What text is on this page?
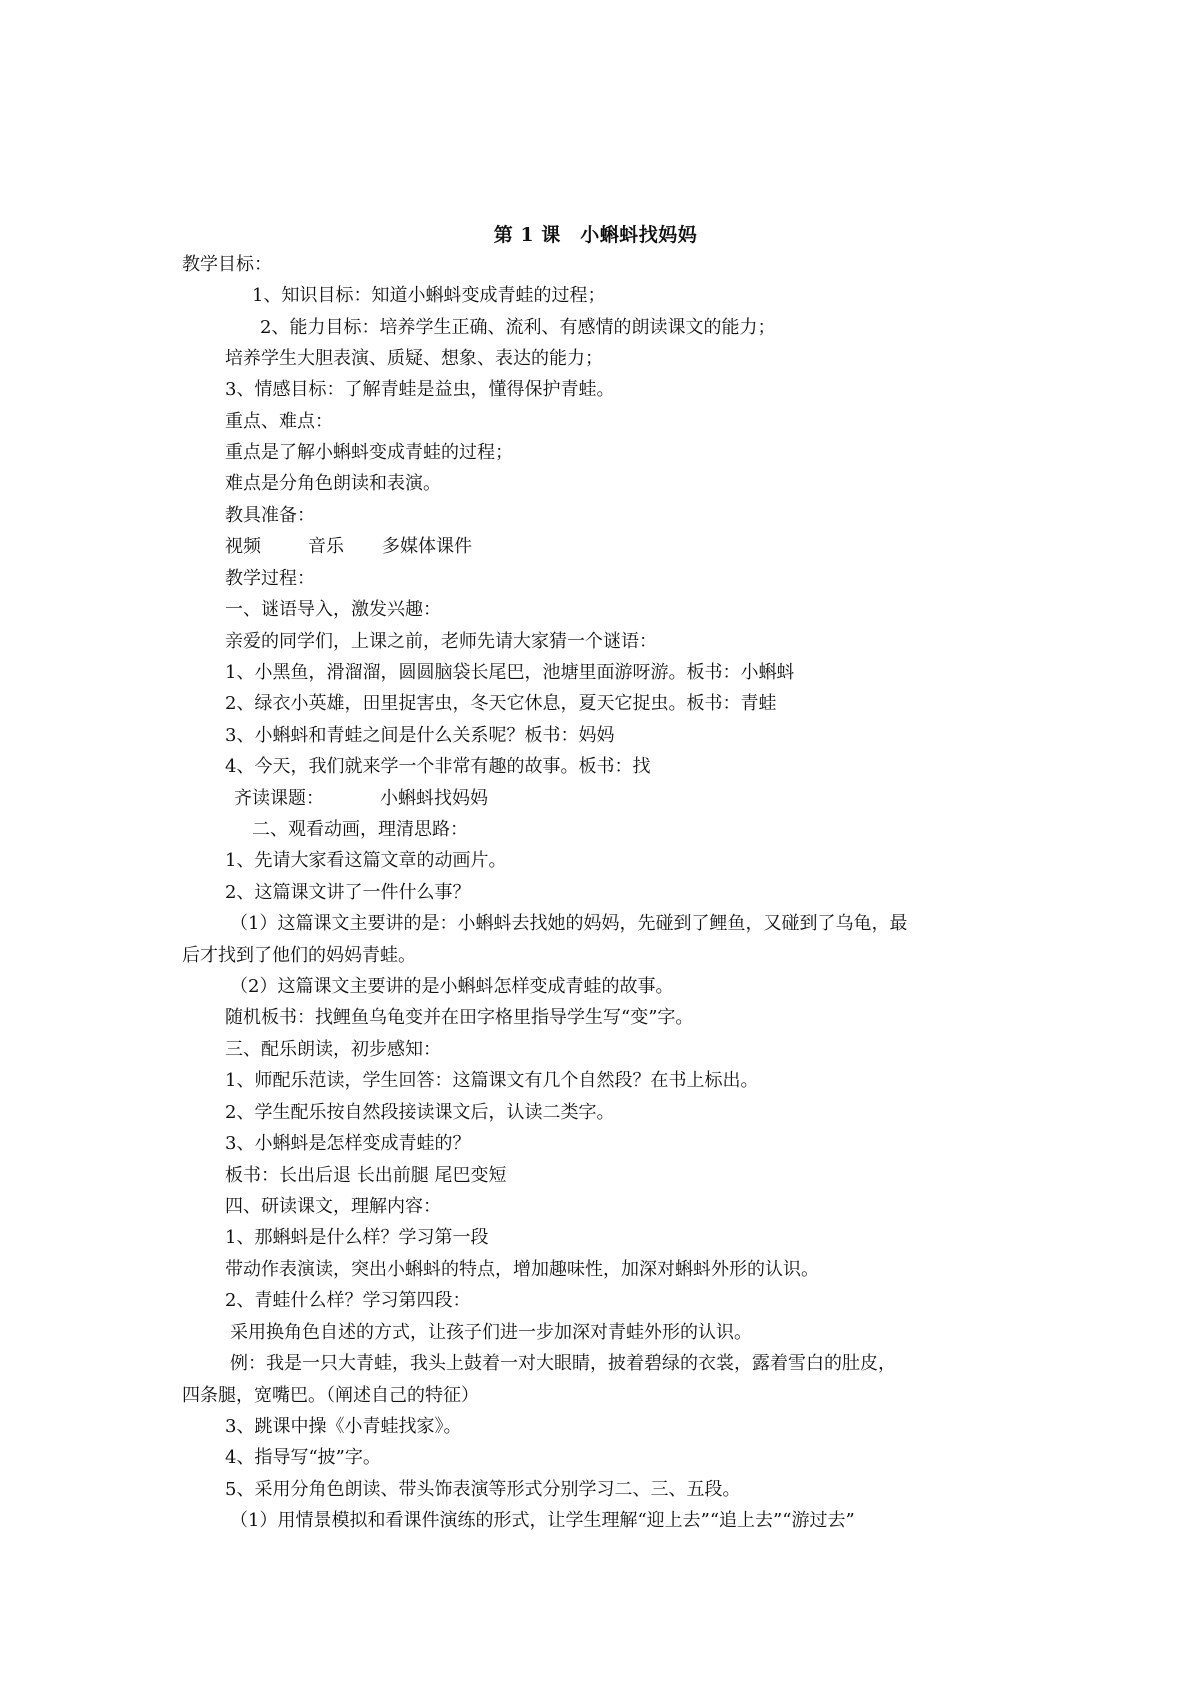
第 1 课　小蝌蚪找妈妈
教学目标：
1、知识目标：知道小蝌蚪变成青蛙的过程；
2、能力目标：培养学生正确、流利、有感情的朗读课文的能力；
培养学生大胆表演、质疑、想象、表达的能力；
3、情感目标：了解青蛙是益虫，懂得保护青蛙。
重点、难点：
重点是了解小蝌蚪变成青蛙的过程；
难点是分角色朗读和表演。
教具准备：
视频	音乐 多媒体课件
教学过程：
一、谜语导入，激发兴趣：
亲爱的同学们，上课之前，老师先请大家猜一个谜语：
1、小黑鱼，滑溜溜，圆圆脑袋长尾巴，池塘里面游呀游。板书：小蝌蚪
2、绿衣小英雄，田里捉害虫，冬天它休息，夏天它捉虫。板书：青蛙
3、小蝌蚪和青蛙之间是什么关系呢？板书：妈妈
4、今天，我们就来学一个非常有趣的故事。板书：找
齐读课题：	小蝌蚪找妈妈
二、观看动画，理清思路：
1、先请大家看这篇文章的动画片。
2、这篇课文讲了一件什么事？
（1）这篇课文主要讲的是：小蝌蚪去找她的妈妈，先碰到了鲤鱼，又碰到了乌龟，最
后才找到了他们的妈妈青蛙。
（2）这篇课文主要讲的是小蝌蚪怎样变成青蛙的故事。
随机板书：找鲤鱼乌龟变并在田字格里指导学生写“变”字。
三、配乐朗读，初步感知：
1、师配乐范读，学生回答：这篇课文有几个自然段？在书上标出。
2、学生配乐按自然段接读课文后，认读二类字。
3、小蝌蚪是怎样变成青蛙的？
板书：长出后退 长出前腿 尾巴变短
四、研读课文，理解内容：
1、那蝌蚪是什么样？学习第一段
带动作表演读，突出小蝌蚪的特点，增加趣味性，加深对蝌蚪外形的认识。
2、青蛙什么样？学习第四段：
采用换角色自述的方式，让孩子们进一步加深对青蛙外形的认识。
例：我是一只大青蛙，我头上鼓着一对大眼睛，披着碧绿的衣裳，露着雪白的肚皮，
四条腿，宽嘴巴。（阐述自己的特征）
3、跳课中操《小青蛙找家》。
4、指导写“披”字。
5、采用分角色朗读、带头饰表演等形式分别学习二、三、五段。
（1）用情景模拟和看课件演练的形式，让学生理解“迎上去”“追上去”“游过去”
